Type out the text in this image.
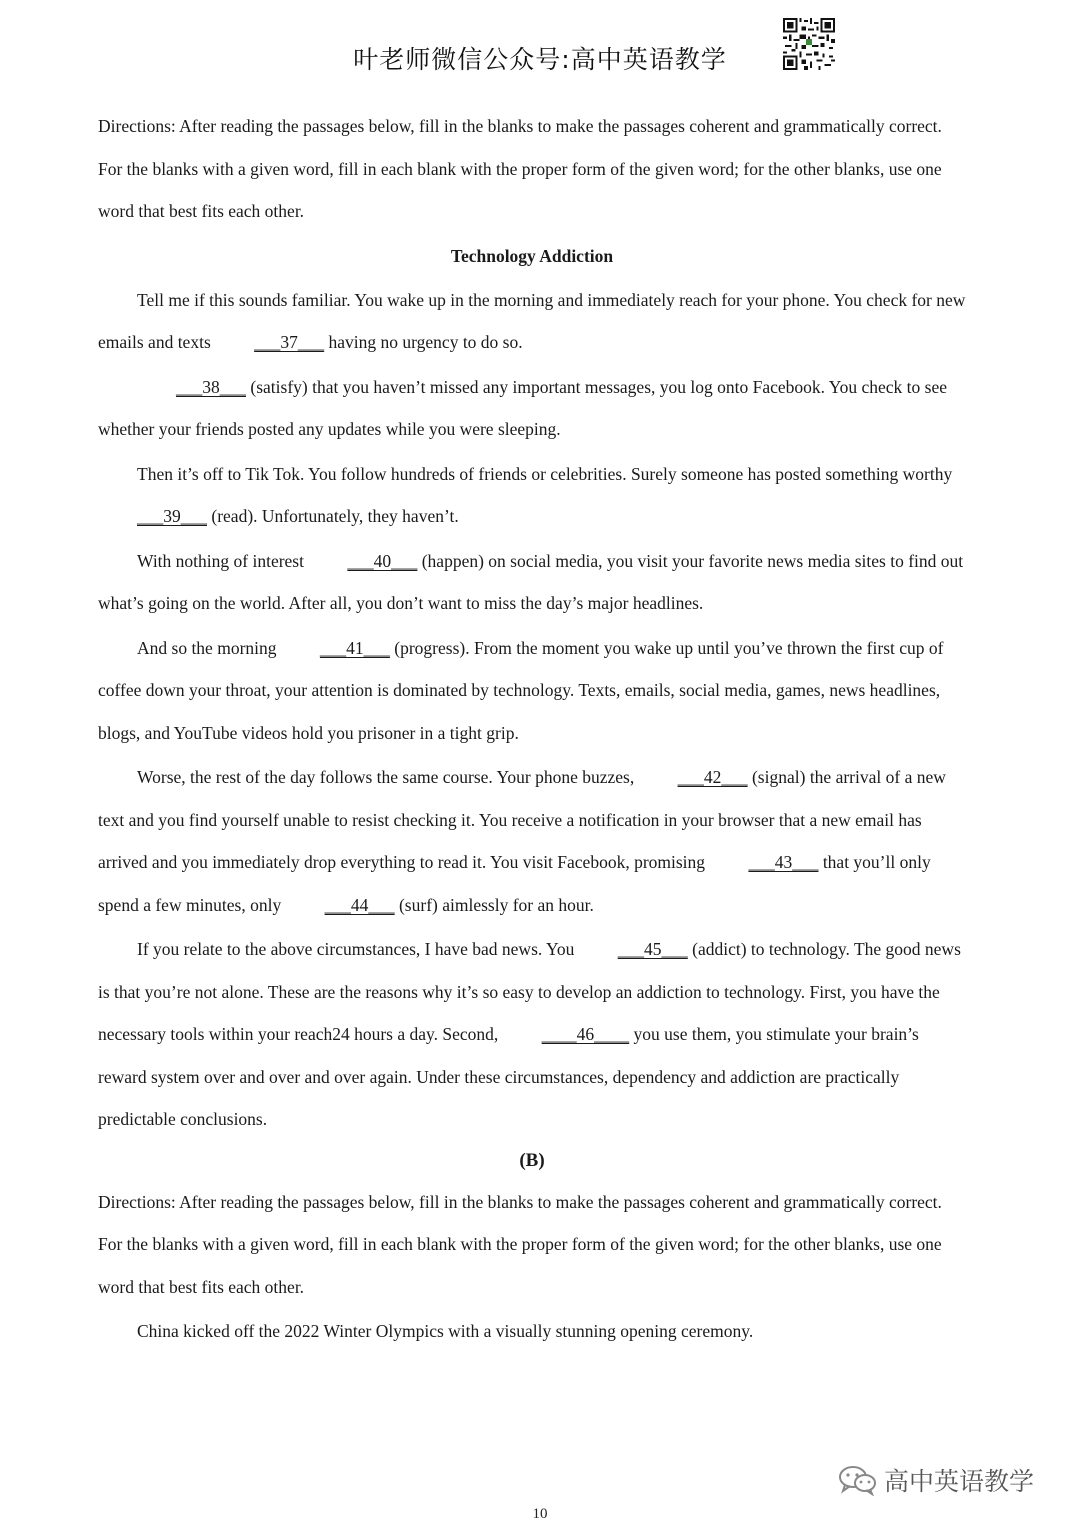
叶老师微信公众号:高中英语教学

Directions: After reading the passages below, fill in the blanks to make the passages coherent and grammatically correct. For the blanks with a given word, fill in each blank with the proper form of the given word; for the other blanks, use one word that best fits each other.

Technology Addiction

Tell me if this sounds familiar. You wake up in the morning and immediately reach for your phone. You check for new emails and texts ___37___ having no urgency to do so.

___38___ (satisfy) that you haven’t missed any important messages, you log onto Facebook. You check to see whether your friends posted any updates while you were sleeping.

Then it’s off to Tik Tok. You follow hundreds of friends or celebrities. Surely someone has posted something worthy ___39___ (read). Unfortunately, they haven’t.

With nothing of interest ___40___ (happen) on social media, you visit your favorite news media sites to find out what’s going on the world. After all, you don’t want to miss the day’s major headlines.

And so the morning ___41___ (progress). From the moment you wake up until you’ve thrown the first cup of coffee down your throat, your attention is dominated by technology. Texts, emails, social media, games, news headlines, blogs, and YouTube videos hold you prisoner in a tight grip.

Worse, the rest of the day follows the same course. Your phone buzzes, ___42___ (signal) the arrival of a new text and you find yourself unable to resist checking it. You receive a notification in your browser that a new email has arrived and you immediately drop everything to read it. You visit Facebook, promising ___43___ that you’ll only spend a few minutes, only ___44___ (surf) aimlessly for an hour.

If you relate to the above circumstances, I have bad news. You ___45___ (addict) to technology. The good news is that you’re not alone. These are the reasons why it’s so easy to develop an addiction to technology. First, you have the necessary tools within your reach24 hours a day. Second, ____46____ you use them, you stimulate your brain’s reward system over and over and over again. Under these circumstances, dependency and addiction are practically predictable conclusions.

(B)

Directions: After reading the passages below, fill in the blanks to make the passages coherent and grammatically correct. For the blanks with a given word, fill in each blank with the proper form of the given word; for the other blanks, use one word that best fits each other.

China kicked off the 2022 Winter Olympics with a visually stunning opening ceremony.

高中英语教学
10
